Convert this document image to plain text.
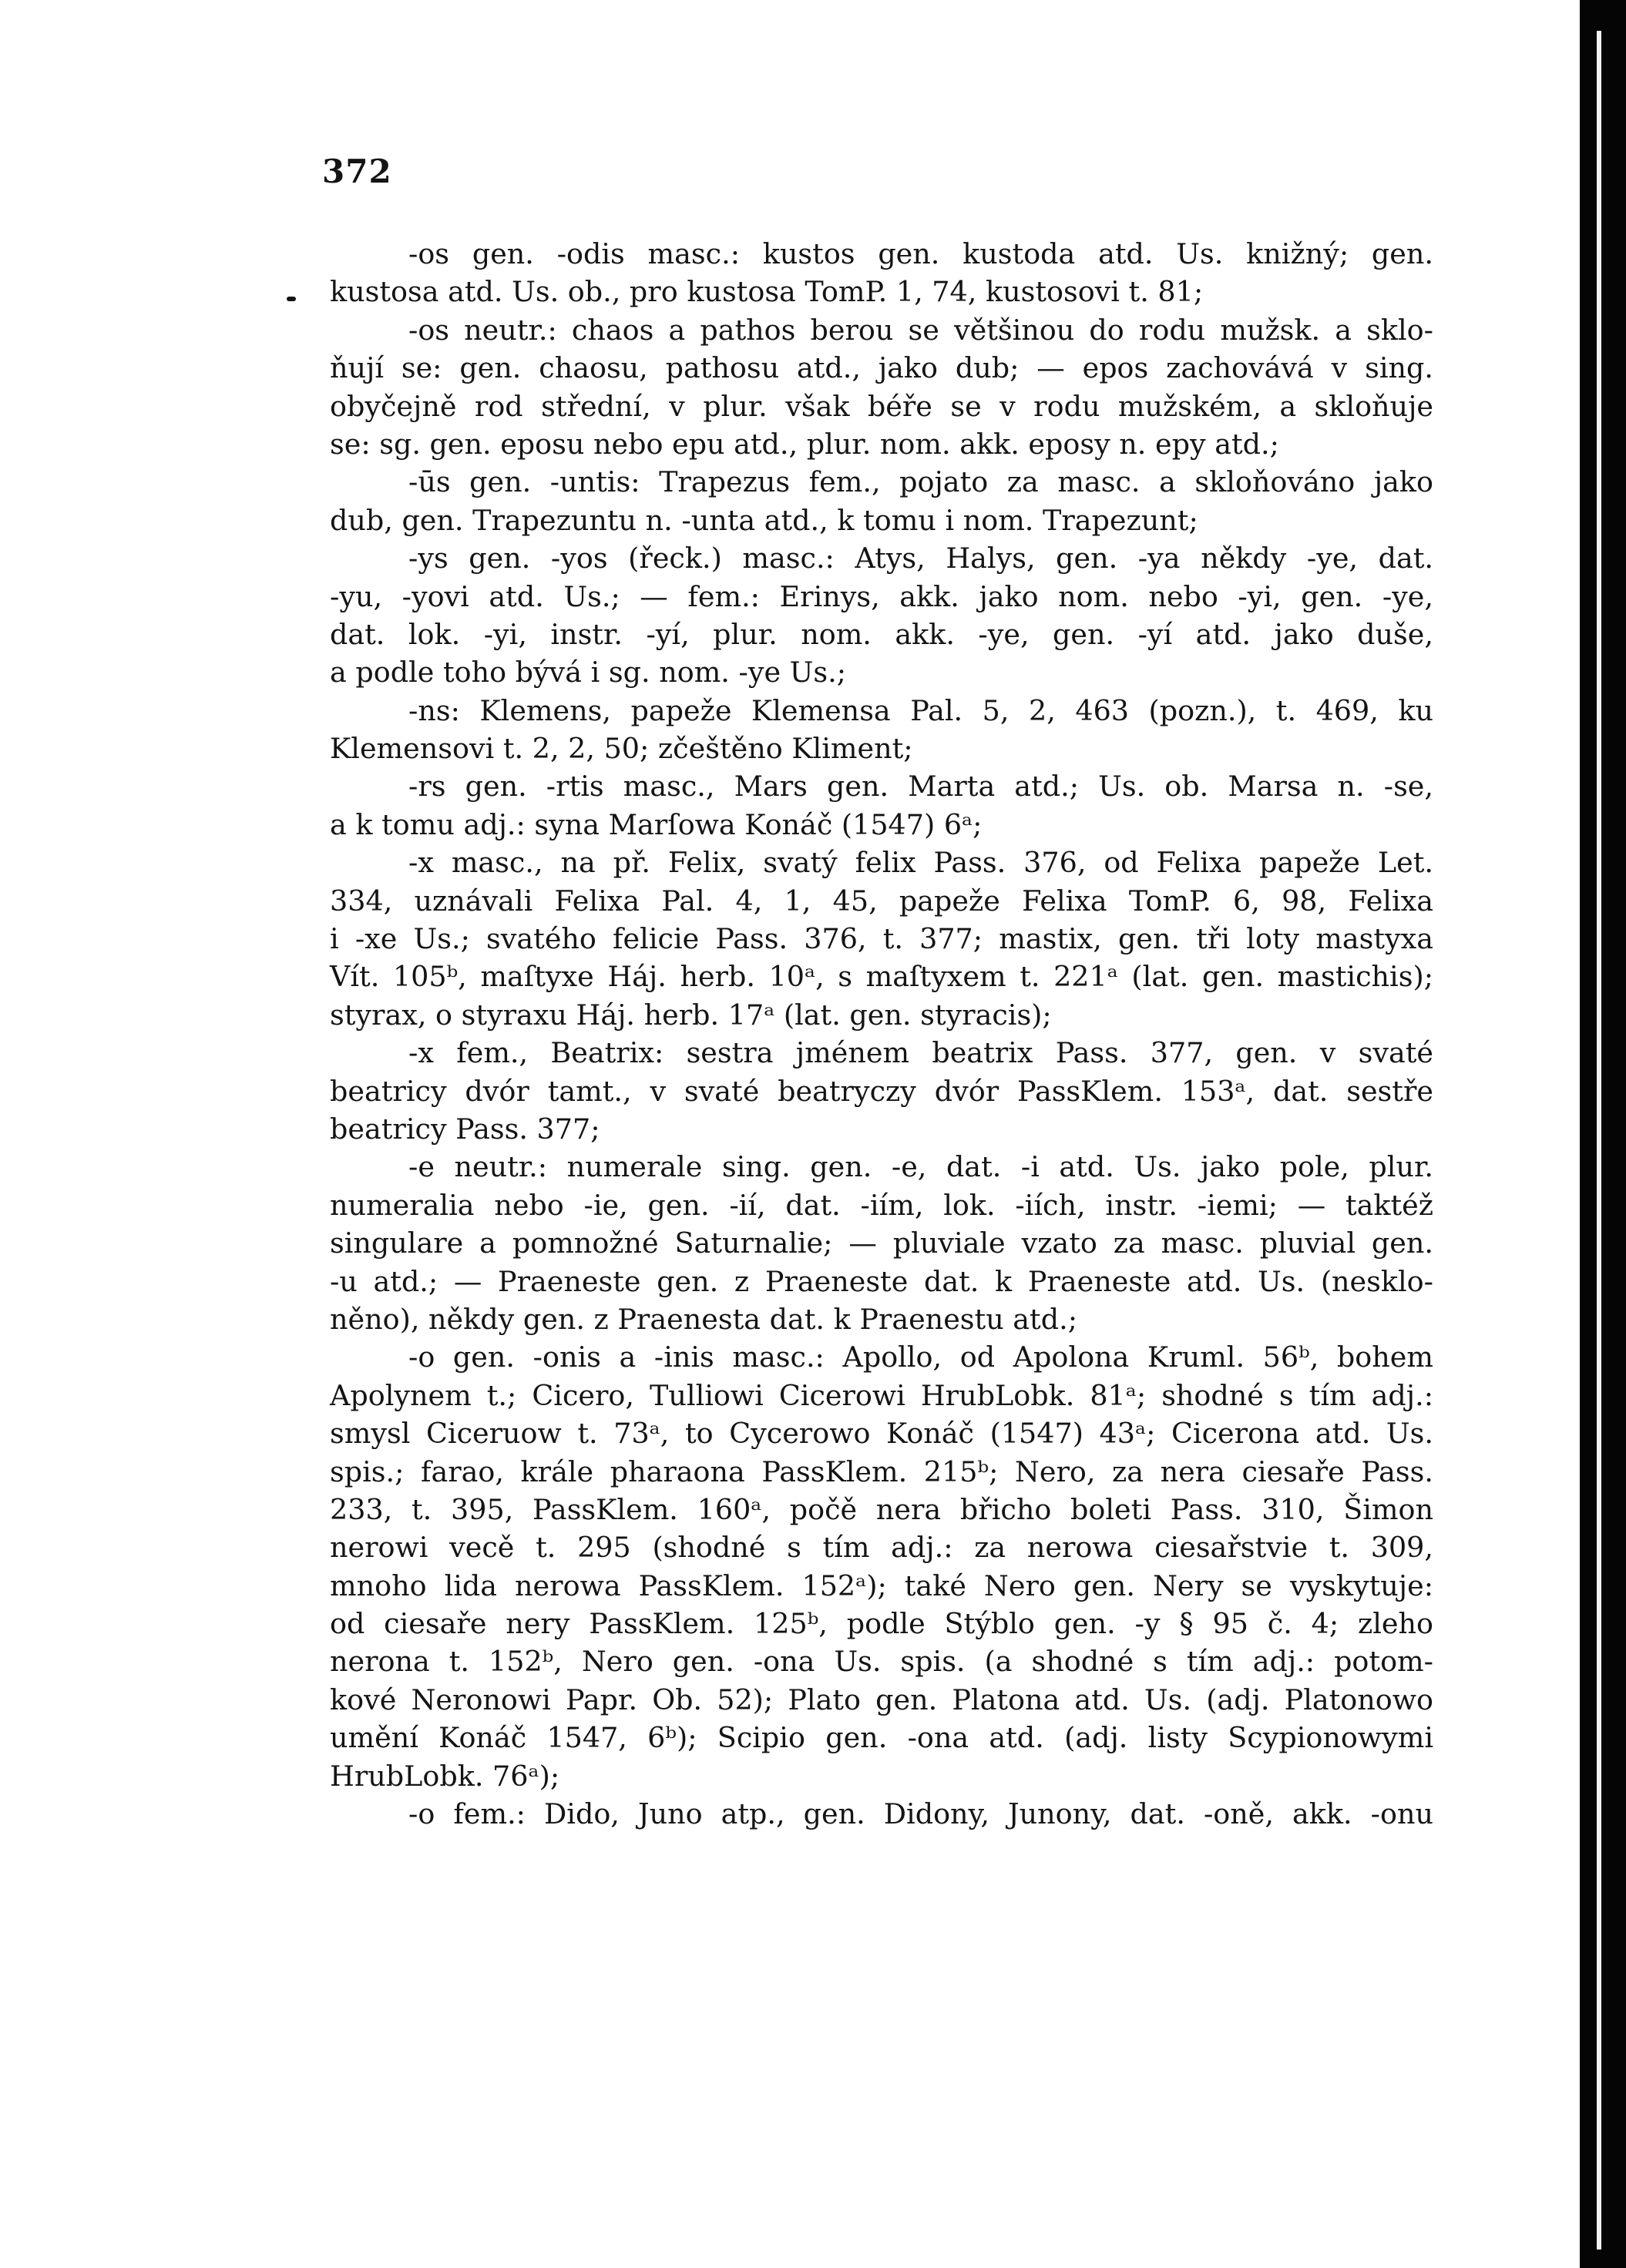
372
-os gen. -odis masc.: kustos gen. kustoda atd. Us. knižný; gen.
kustosa atd. Us. ob., pro kustosa TomP. 1, 74, kustosovi t. 81;
-os neutr.: chaos a pathos berou se většinou do rodu mužsk. a sklo-
ňují se: gen. chaosu, pathosu atd., jako dub; — epos zachovává v sing.
obyčejně rod střední, v plur. však béře se v rodu mužském, a skloňuje
se: sg. gen. eposu nebo epu atd., plur. nom. akk. eposy n. epy atd.;
-ūs gen. -untis: Trapezus fem., pojato za masc. a skloňováno jako
dub, gen. Trapezuntu n. -unta atd., k tomu i nom. Trapezunt;
-ys gen. -yos (řeck.) masc.: Atys, Halys, gen. -ya někdy -ye, dat.
-yu, -yovi atd. Us.; — fem.: Erinys, akk. jako nom. nebo -yi, gen. -ye,
dat. lok. -yi, instr. -yí, plur. nom. akk. -ye, gen. -yí atd. jako duše,
a podle toho bývá i sg. nom. -ye Us.;
-ns: Klemens, papeže Klemensa Pal. 5, 2, 463 (pozn.), t. 469, ku
Klemensovi t. 2, 2, 50; zčeštěno Kliment;
-rs gen. -rtis masc., Mars gen. Marta atd.; Us. ob. Marsa n. -se,
a k tomu adj.: syna Marſowa Konáč (1547) 6ᵃ;
-x masc., na př. Felix, svatý felix Pass. 376, od Felixa papeže Let.
334, uznávali Felixa Pal. 4, 1, 45, papeže Felixa TomP. 6, 98, Felixa
i -xe Us.; svatého felicie Pass. 376, t. 377; mastix, gen. tři loty mastyxa
Vít. 105ᵇ, maſtyxe Háj. herb. 10ᵃ, s maſtyxem t. 221ᵃ (lat. gen. mastichis);
styrax, o styraxu Háj. herb. 17ᵃ (lat. gen. styracis);
-x fem., Beatrix: sestra jménem beatrix Pass. 377, gen. v svaté
beatricy dvór tamt., v svaté beatryczy dvór PassKlem. 153ᵃ, dat. sestře
beatricy Pass. 377;
-e neutr.: numerale sing. gen. -e, dat. -i atd. Us. jako pole, plur.
numeralia nebo -ie, gen. -ií, dat. -iím, lok. -iích, instr. -iemi; — taktéž
singulare a pomnožné Saturnalie; — pluviale vzato za masc. pluvial gen.
-u atd.; — Praeneste gen. z Praeneste dat. k Praeneste atd. Us. (nesklo-
něno), někdy gen. z Praenesta dat. k Praenestu atd.;
-o gen. -onis a -inis masc.: Apollo, od Apolona Kruml. 56ᵇ, bohem
Apolynem t.; Cicero, Tulliowi Cicerowi HrubLobk. 81ᵃ; shodné s tím adj.:
smysl Ciceruow t. 73ᵃ, to Cycerowo Konáč (1547) 43ᵃ; Cicerona atd. Us.
spis.; farao, krále pharaona PassKlem. 215ᵇ; Nero, za nera ciesaře Pass.
233, t. 395, PassKlem. 160ᵃ, počě nera břicho boleti Pass. 310, Šimon
nerowi vecě t. 295 (shodné s tím adj.: za nerowa ciesařstvie t. 309,
mnoho lida nerowa PassKlem. 152ᵃ); také Nero gen. Nery se vyskytuje:
od ciesaře nery PassKlem. 125ᵇ, podle Stýblo gen. -y § 95 č. 4; zleho
nerona t. 152ᵇ, Nero gen. -ona Us. spis. (a shodné s tím adj.: potom-
kové Neronowi Papr. Ob. 52); Plato gen. Platona atd. Us. (adj. Platonowo
umění Konáč 1547, 6ᵇ); Scipio gen. -ona atd. (adj. listy Scypionowymi
HrubLobk. 76ᵃ);
-o fem.: Dido, Juno atp., gen. Didony, Junony, dat. -oně, akk. -onu
